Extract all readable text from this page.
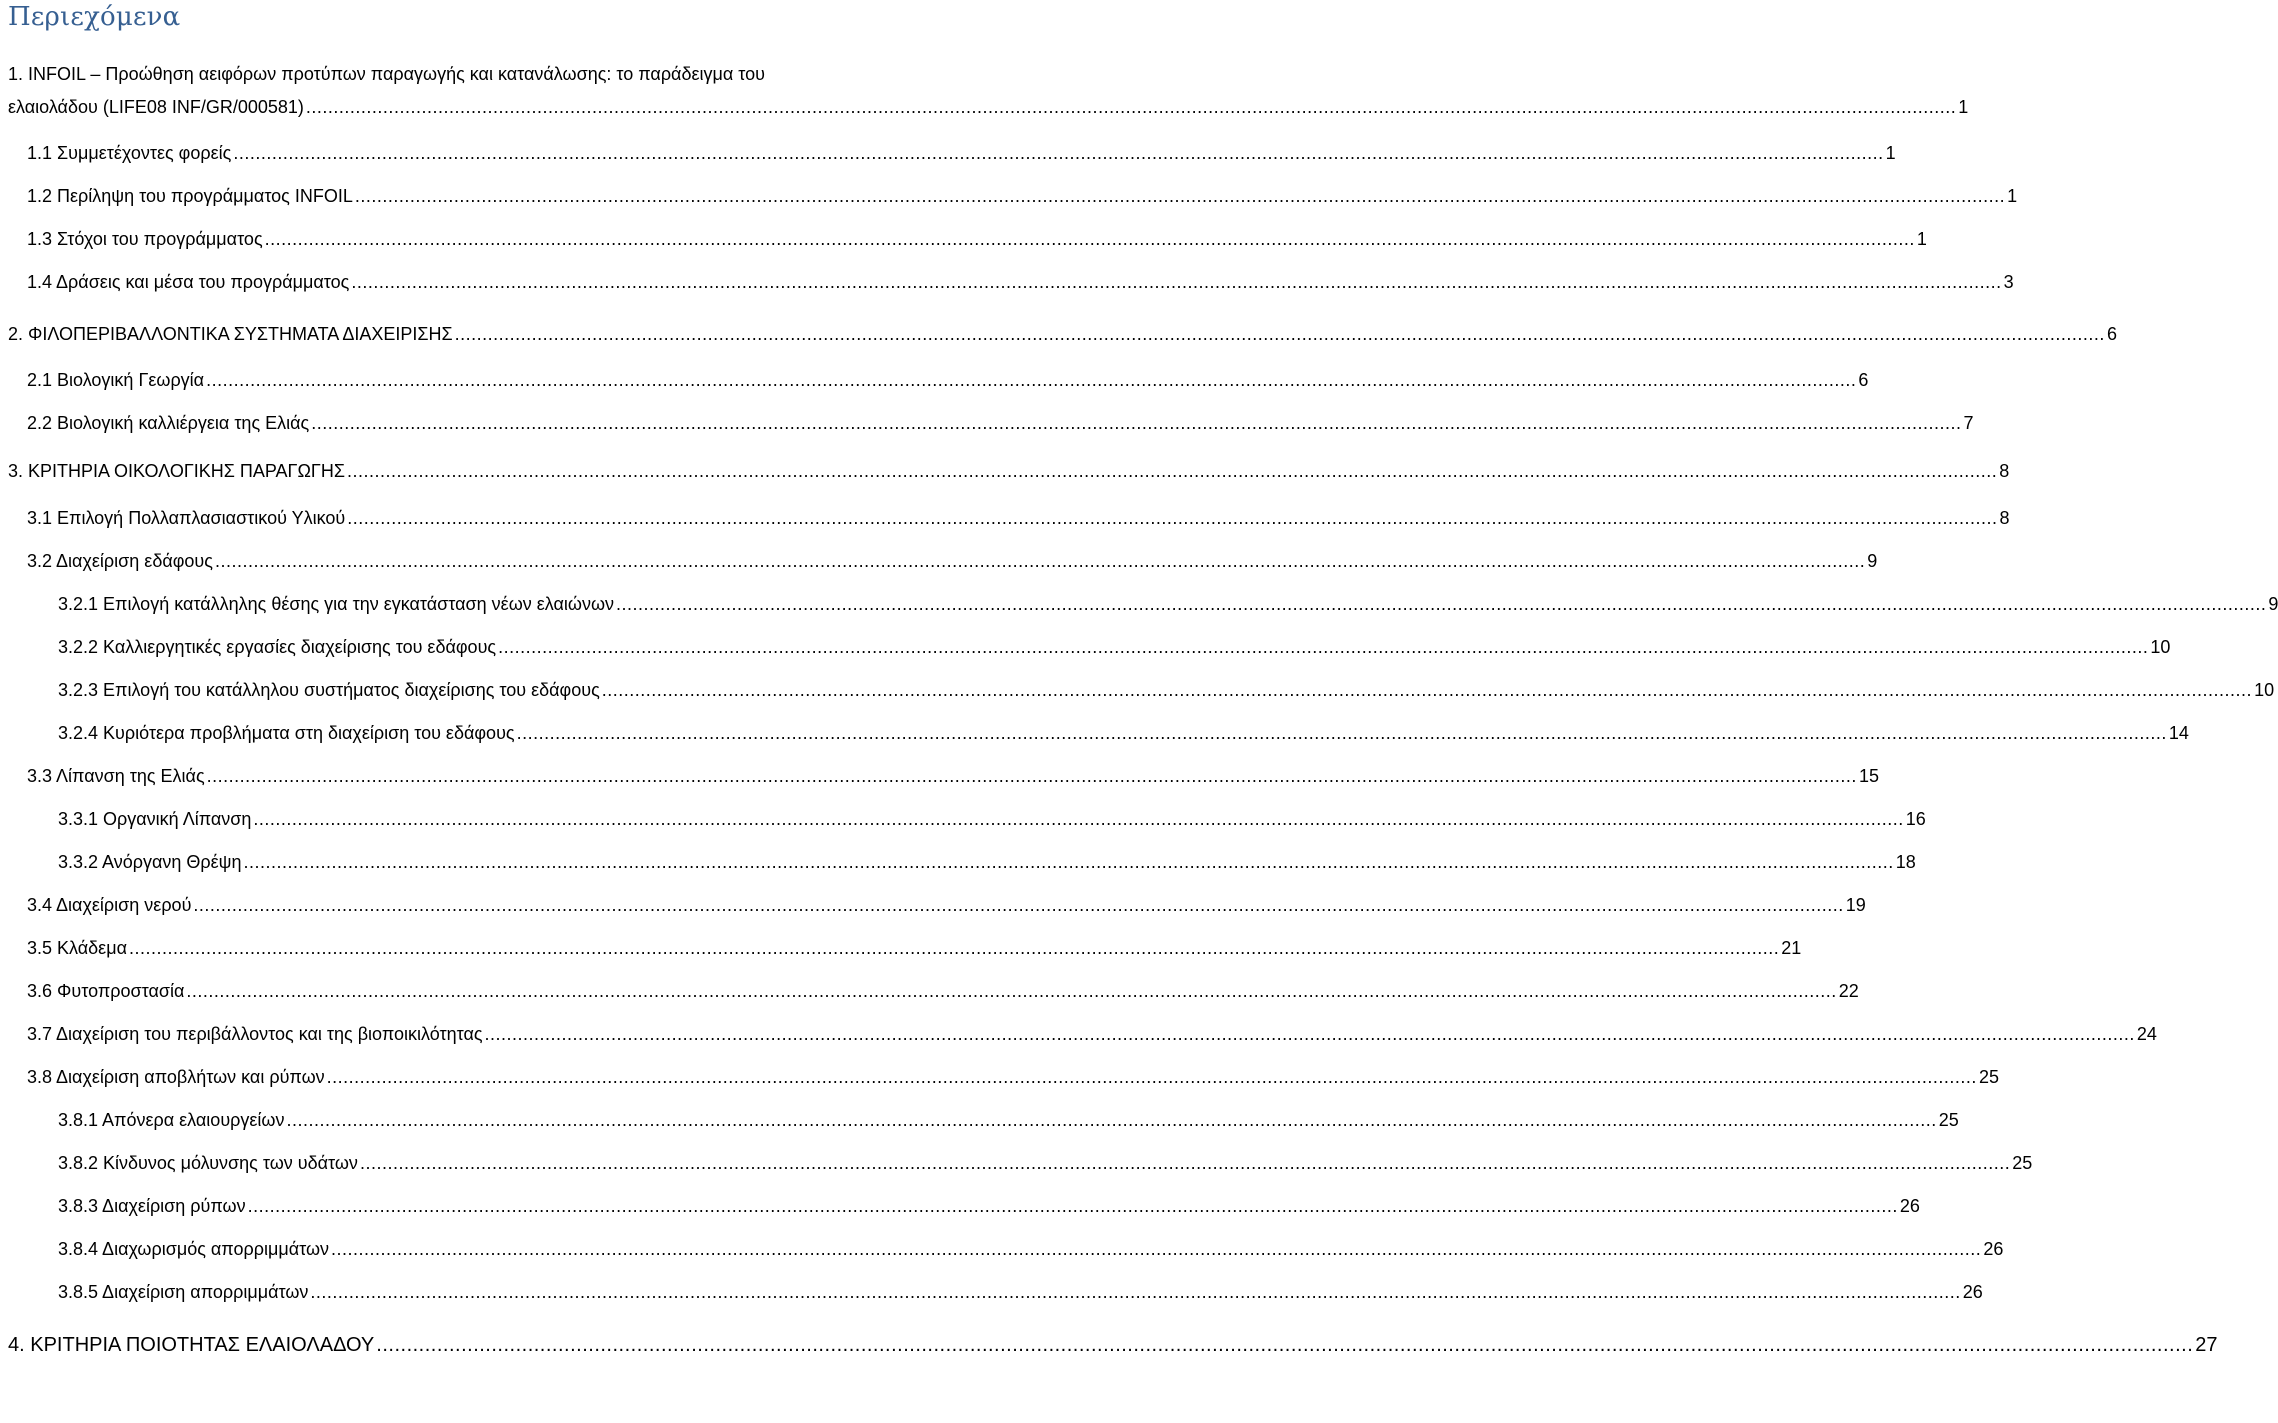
Περιεχόμενα
1. INFOIL – Προώθηση αειφόρων προτύπων παραγωγής και κατανάλωσης: το παράδειγμα του
ελαιολάδου (LIFE08 INF/GR/000581) ............................................................................................................................................................................................................................................................................................................ 1
1.1 Συμμετέχοντες φορείς ............................................................................................................................................................................................................................................................................................................ 1
1.2 Περίληψη του προγράμματος INFOIL ............................................................................................................................................................................................................................................................................................................ 1
1.3 Στόχοι του προγράμματος ............................................................................................................................................................................................................................................................................................................ 1
1.4 Δράσεις και μέσα του προγράμματος ............................................................................................................................................................................................................................................................................................................ 3
2. ΦΙΛΟΠΕΡΙΒΑΛΛΟΝΤΙΚΑ ΣΥΣΤΗΜΑΤΑ ΔΙΑΧΕΙΡΙΣΗΣ ............................................................................................................................................................................................................................................................................................................ 6
2.1 Βιολογική Γεωργία ............................................................................................................................................................................................................................................................................................................ 6
2.2 Βιολογική καλλιέργεια της Ελιάς ............................................................................................................................................................................................................................................................................................................ 7
3. ΚΡΙΤΗΡΙΑ ΟΙΚΟΛΟΓΙΚΗΣ ΠΑΡΑΓΩΓΗΣ ............................................................................................................................................................................................................................................................................................................ 8
3.1 Επιλογή Πολλαπλασιαστικού Υλικού ............................................................................................................................................................................................................................................................................................................ 8
3.2 Διαχείριση εδάφους ............................................................................................................................................................................................................................................................................................................ 9
3.2.1 Επιλογή κατάλληλης θέσης για την εγκατάσταση νέων ελαιώνων ............................................................................................................................................................................................................................................................................................................ 9
3.2.2 Καλλιεργητικές εργασίες διαχείρισης του εδάφους ............................................................................................................................................................................................................................................................................................................ 10
3.2.3 Επιλογή του κατάλληλου συστήματος διαχείρισης του εδάφους ............................................................................................................................................................................................................................................................................................................ 10
3.2.4 Κυριότερα προβλήματα στη διαχείριση του εδάφους ............................................................................................................................................................................................................................................................................................................ 14
3.3 Λίπανση της Ελιάς ............................................................................................................................................................................................................................................................................................................ 15
3.3.1 Οργανική Λίπανση ............................................................................................................................................................................................................................................................................................................ 16
3.3.2 Ανόργανη Θρέψη ............................................................................................................................................................................................................................................................................................................ 18
3.4 Διαχείριση νερού ............................................................................................................................................................................................................................................................................................................ 19
3.5 Κλάδεμα ............................................................................................................................................................................................................................................................................................................ 21
3.6 Φυτοπροστασία ............................................................................................................................................................................................................................................................................................................ 22
3.7 Διαχείριση του περιβάλλοντος και της βιοποικιλότητας ............................................................................................................................................................................................................................................................................................................ 24
3.8 Διαχείριση αποβλήτων και ρύπων ............................................................................................................................................................................................................................................................................................................ 25
3.8.1 Απόνερα ελαιουργείων ............................................................................................................................................................................................................................................................................................................ 25
3.8.2 Κίνδυνος μόλυνσης των υδάτων ............................................................................................................................................................................................................................................................................................................ 25
3.8.3 Διαχείριση ρύπων ............................................................................................................................................................................................................................................................................................................ 26
3.8.4 Διαχωρισμός απορριμμάτων ............................................................................................................................................................................................................................................................................................................ 26
3.8.5 Διαχείριση απορριμμάτων ............................................................................................................................................................................................................................................................................................................ 26
4. ΚΡΙΤΗΡΙΑ ΠΟΙΟΤΗΤΑΣ ΕΛΑΙΟΛΑΔΟΥ ............................................................................................................................................................................................................................................................................................................ 27
